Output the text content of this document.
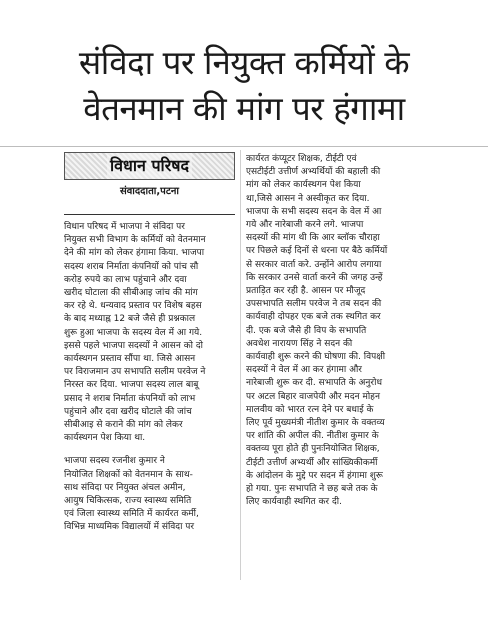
संविदा पर नियुक्त कर्मियों के
वेतनमान की मांग पर हंगामा
विधान परिषद
संवाददाता,पटना
विधान परिषद में भाजपा ने संविदा पर
नियुक्त सभी विभाग के कर्मियों को वेतनमान
देने की मांग को लेकर हंगामा किया. भाजपा
सदस्य शराब निर्माता कंपनियों को पांच सौ
करोड़ रुपये का लाभ पहुंचाने और दवा
खरीद घोटाला की सीबीआइ जांच की मांग
कर रहे थे. धन्यवाद प्रस्ताव पर विशेष बहस
के बाद मध्याह्न 12 बजे जैसे ही प्रश्नकाल
शुरू हुआ भाजपा के सदस्य वेल में आ गये.
इससे पहले भाजपा सदस्यों ने आसन को दो
कार्यस्थगन प्रस्ताव सौंपा था. जिसे आसन
पर विराजमान उप सभापति सलीम परवेज ने
निरस्त कर दिया. भाजपा सदस्य लाल बाबू
प्रसाद ने शराब निर्माता कंपनियों को लाभ
पहुंचाने और दवा खरीद घोटाले की जांच
सीबीआइ से कराने की मांग को लेकर
कार्यस्थगन पेश किया था.
भाजपा सदस्य रजनीश कुमार ने
नियोजित शिक्षकों को वेतनमान के साथ-
साथ संविदा पर नियुक्त अंचल अमीन,
आयुष चिकित्सक, राज्य स्वास्थ्य समिति
एवं जिला स्वास्थ्य समिति में कार्यरत कर्मी,
विभिन्न माध्यमिक विद्यालयों में संविदा पर
कार्यरत कंप्यूटर शिक्षक, टीईटी एवं
एसटीईटी उत्तीर्ण अभ्यर्थियों की बहाली की
मांग को लेकर कार्यस्थगन पेश किया
था,जिसे आसन ने अस्वीकृत कर दिया.
भाजपा के सभी सदस्य सदन के वेल में आ
गये और नारेबाजी करने लगे. भाजपा
सदस्यों की मांग थी कि आर ब्लॉक चौराहा
पर पिछले कई दिनों से धरना पर बैठे कर्मियों
से सरकार वार्ता करे. उन्होंने आरोप लगाया
कि सरकार उनसे वार्ता करने की जगह उन्हें
प्रताड़ित कर रही है. आसन पर मौजूद
उपसभापति सलीम परवेज ने तब सदन की
कार्यवाही दोपहर एक बजे तक स्थगित कर
दी. एक बजे जैसे ही विप के सभापति
अवधेश नारायण सिंह ने सदन की
कार्यवाही शुरू करने की घोषणा की. विपक्षी
सदस्यों ने वेल में आ कर हंगामा और
नारेबाजी शुरू कर दी. सभापति के अनुरोध
पर अटल बिहार वाजपेयी और मदन मोहन
मालवीय को भारत रत्न देने पर बधाई के
लिए पूर्व मुख्यमंत्री नीतीश कुमार के वक्तव्य
पर शांति की अपील की. नीतीश कुमार के
वक्तव्य पूरा होते ही पुनःनियोजित शिक्षक,
टीईटी उत्तीर्ण अभ्यर्थी और सांख्यिकीकर्मी
के आंदोलन के मुद्दे पर सदन में हंगामा शुरू
हो गया. पुनः सभापति ने छह बजे तक के
लिए कार्यवाही स्थगित कर दी.
